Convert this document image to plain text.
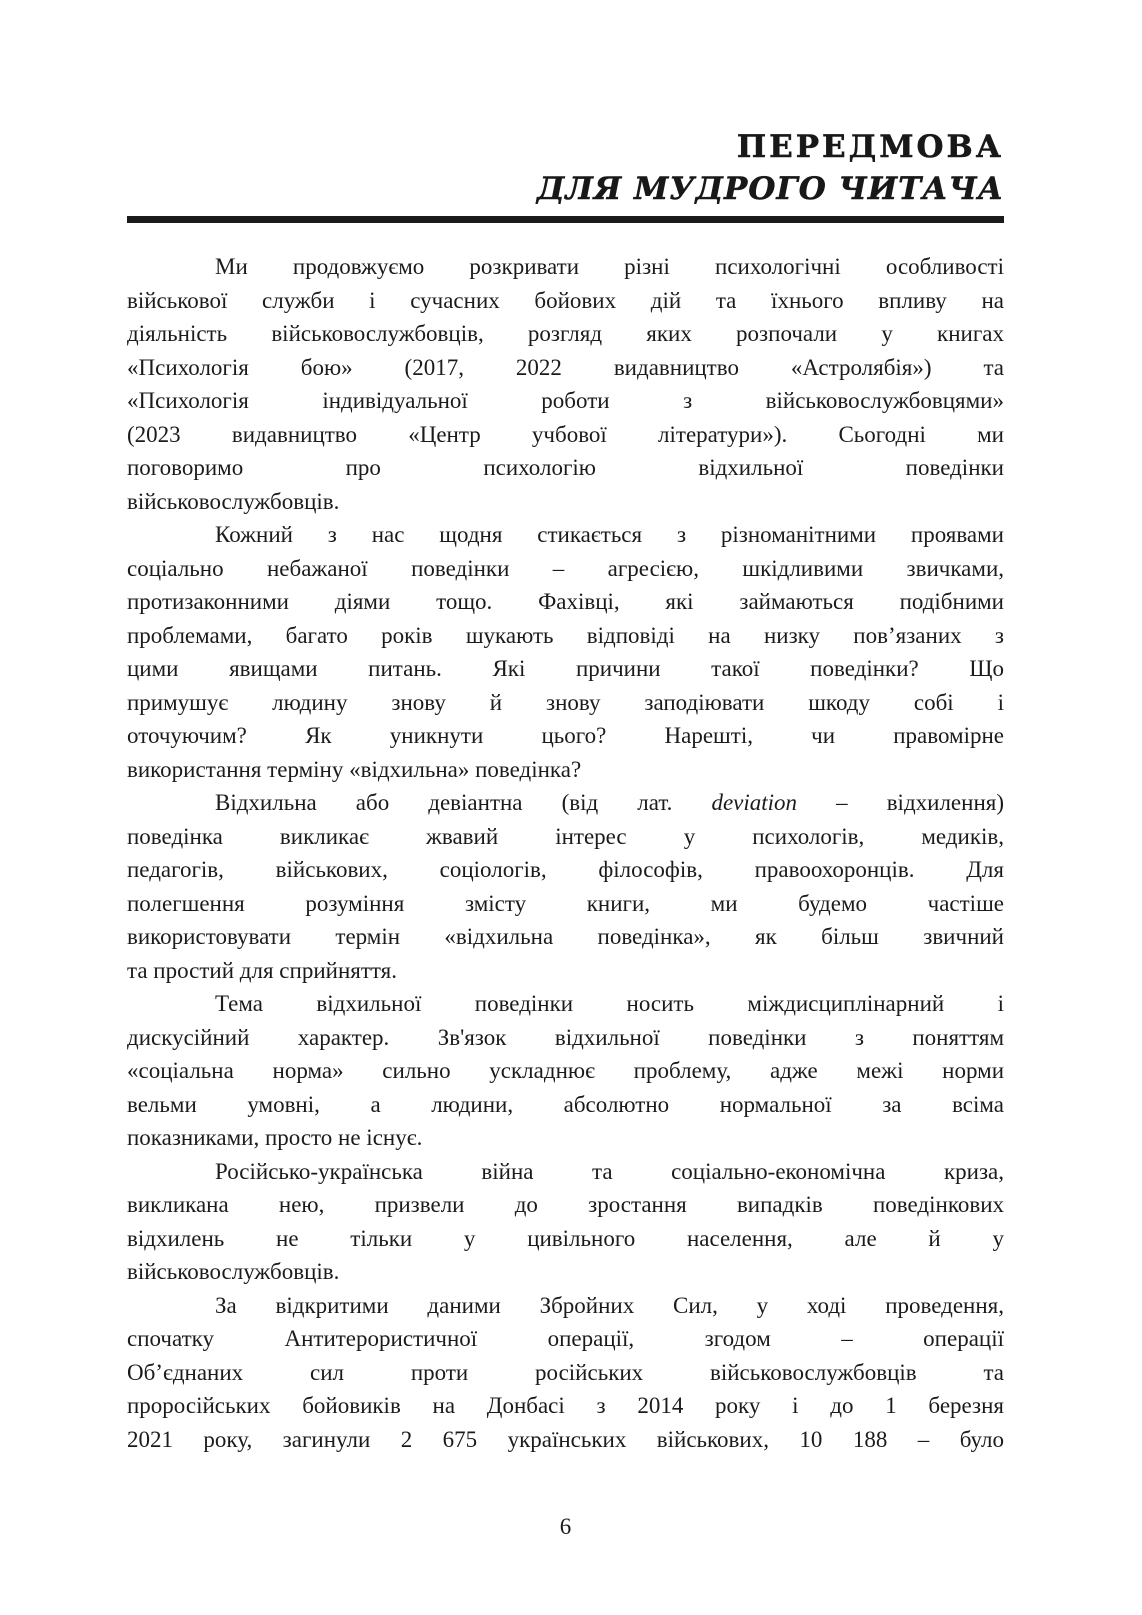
ПЕРЕДМОВА
ДЛЯ МУДРОГО ЧИТАЧА
Ми продовжуємо розкривати різні психологічні особливості
військової служби і сучасних бойових дій та їхнього впливу на
діяльність військовослужбовців, розгляд яких розпочали у книгах
«Психологія бою» (2017, 2022 видавництво «Астролябія») та
«Психологія індивідуальної роботи з військовослужбовцями»
(2023 видавництво «Центр учбової літератури»). Сьогодні ми
поговоримо про психологію відхильної поведінки
військовослужбовців.
Кожний з нас щодня стикається з різноманітними проявами
соціально небажаної поведінки – агресією, шкідливими звичками,
протизаконними діями тощо. Фахівці, які займаються подібними
проблемами, багато років шукають відповіді на низку пов’язаних з
цими явищами питань. Які причини такої поведінки? Що
примушує людину знову й знову заподіювати шкоду собі і
оточуючим? Як уникнути цього? Нарешті, чи правомірне
використання терміну «відхильна» поведінка?
Відхильна або девіантна (від лат. deviation – відхилення)
поведінка викликає жвавий інтерес у психологів, медиків,
педагогів, військових, соціологів, філософів, правоохоронців. Для
полегшення розуміння змісту книги, ми будемо частіше
використовувати термін «відхильна поведінка», як більш звичний
та простий для сприйняття.
Тема відхильної поведінки носить міждисциплінарний і
дискусійний характер. Зв'язок відхильної поведінки з поняттям
«соціальна норма» сильно ускладнює проблему, адже межі норми
вельми умовні, а людини, абсолютно нормальної за всіма
показниками, просто не існує.
Російсько-українська війна та соціально-економічна криза,
викликана нею, призвели до зростання випадків поведінкових
відхилень не тільки у цивільного населення, але й у
військовослужбовців.
За відкритими даними Збройних Сил, у ході проведення,
спочатку Антитерористичної операції, згодом – операції
Об’єднаних сил проти російських військовослужбовців та
проросійських бойовиків на Донбасі з 2014 року і до 1 березня
2021 року, загинули 2 675 українських військових, 10 188 – було
6
